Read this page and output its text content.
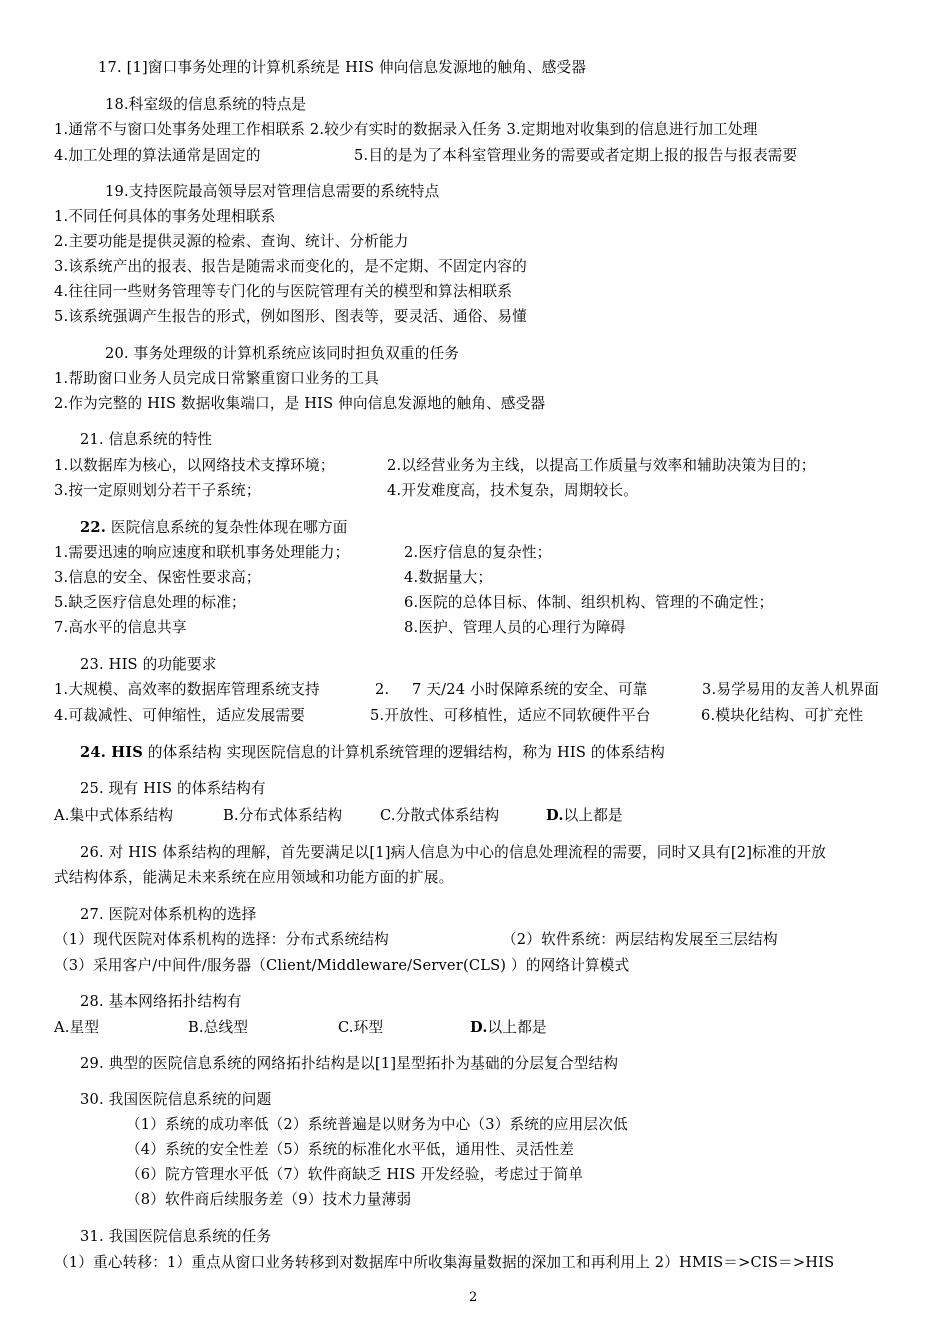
17. [1]窗口事务处理的计算机系统是 HIS 伸向信息发源地的触角、感受器
18.科室级的信息系统的特点是
1.通常不与窗口处事务处理工作相联系 2.较少有实时的数据录入任务 3.定期地对收集到的信息进行加工处理
4.加工处理的算法通常是固定的	5.目的是为了本科室管理业务的需要或者定期上报的报告与报表需要
19.支持医院最高领导层对管理信息需要的系统特点
1.不同任何具体的事务处理相联系
2.主要功能是提供灵源的检索、查询、统计、分析能力
3.该系统产出的报表、报告是随需求而变化的，是不定期、不固定内容的
4.往往同一些财务管理等专门化的与医院管理有关的模型和算法相联系
5.该系统强调产生报告的形式，例如图形、图表等，要灵活、通俗、易懂
20. 事务处理级的计算机系统应该同时担负双重的任务
1.帮助窗口业务人员完成日常繁重窗口业务的工具
2.作为完整的 HIS 数据收集端口，是 HIS 伸向信息发源地的触角、感受器
21. 信息系统的特性
1.以数据库为核心，以网络技术支撑环境；	2.以经营业务为主线，以提高工作质量与效率和辅助决策为目的；
3.按一定原则划分若干子系统；	4.开发难度高，技术复杂，周期较长。
22. 医院信息系统的复杂性体现在哪方面
1.需要迅速的响应速度和联机事务处理能力；	2.医疗信息的复杂性；
3.信息的安全、保密性要求高；	4.数据量大；
5.缺乏医疗信息处理的标准；	6.医院的总体目标、体制、组织机构、管理的不确定性；
7.高水平的信息共享	8.医护、管理人员的心理行为障碍
23. HIS 的功能要求
1.大规模、高效率的数据库管理系统支持	2. 7 天/24 小时保障系统的安全、可靠	3.易学易用的友善人机界面
4.可裁减性、可伸缩性，适应发展需要	5.开放性、可移植性，适应不同软硬件平台	6.模块化结构、可扩充性
24. HIS 的体系结构 实现医院信息的计算机系统管理的逻辑结构，称为 HIS 的体系结构
25. 现有 HIS 的体系结构有
A.集中式体系结构	B.分布式体系结构	C.分散式体系结构	D.以上都是
26. 对 HIS 体系结构的理解，首先要满足以[1]病人信息为中心的信息处理流程的需要，同时又具有[2]标准的开放
式结构体系，能满足未来系统在应用领域和功能方面的扩展。
27. 医院对体系机构的选择
（1）现代医院对体系机构的选择：分布式系统结构	（2）软件系统：两层结构发展至三层结构
（3）采用客户/中间件/服务器（Client/Middleware/Server(CLS) ）的网络计算模式
28. 基本网络拓扑结构有
A.星型	B.总线型	C.环型	D.以上都是
29. 典型的医院信息系统的网络拓扑结构是以[1]星型拓扑为基础的分层复合型结构
30. 我国医院信息系统的问题
（1）系统的成功率低（2）系统普遍是以财务为中心（3）系统的应用层次低
（4）系统的安全性差（5）系统的标准化水平低，通用性、灵活性差
（6）院方管理水平低（7）软件商缺乏 HIS 开发经验，考虑过于简单
（8）软件商后续服务差（9）技术力量薄弱
31. 我国医院信息系统的任务
（1）重心转移：1）重点从窗口业务转移到对数据库中所收集海量数据的深加工和再利用上 2）HMIS＝>CIS＝>HIS
2
